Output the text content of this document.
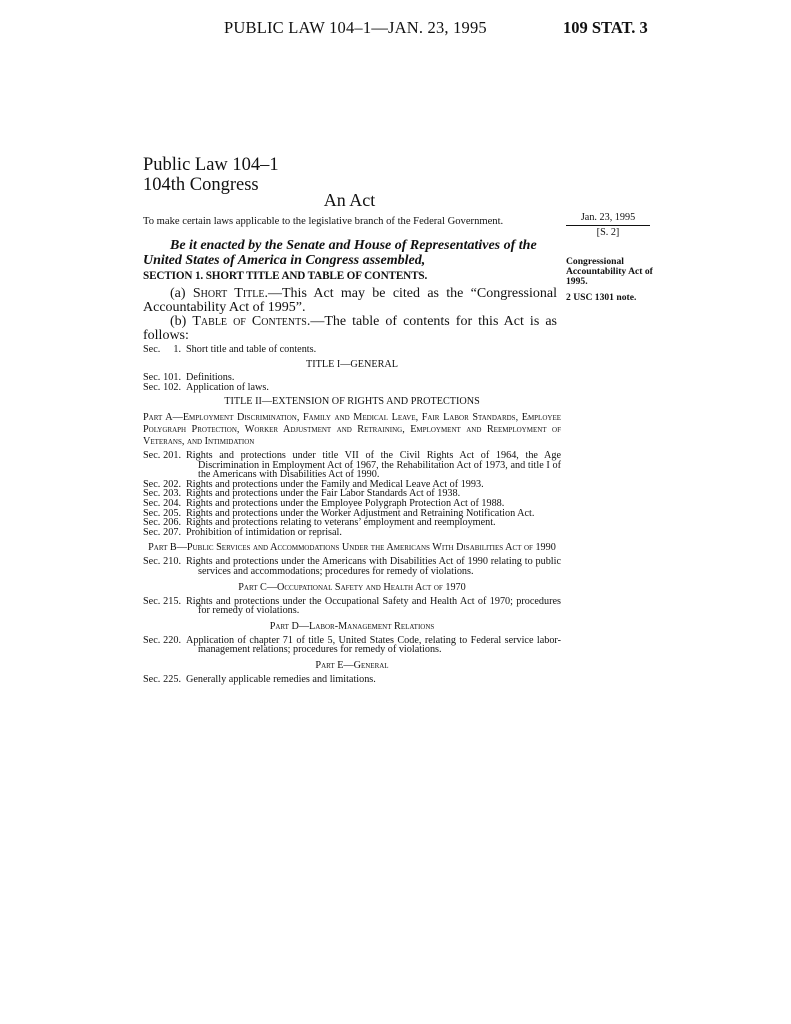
PUBLIC LAW 104–1—JAN. 23, 1995	109 STAT. 3
Public Law 104–1
104th Congress
An Act
To make certain laws applicable to the legislative branch of the Federal Government.
Be it enacted by the Senate and House of Representatives of the United States of America in Congress assembled,
SECTION 1. SHORT TITLE AND TABLE OF CONTENTS.
(a) Short Title.—This Act may be cited as the “Congressional Accountability Act of 1995”.
(b) Table of Contents.—The table of contents for this Act is as follows:
Jan. 23, 1995
[S. 2]
Congressional Accountability Act of 1995.
2 USC 1301 note.
Sec.	1. Short title and table of contents.
TITLE I—GENERAL
Sec. 101. Definitions.
Sec. 102. Application of laws.
TITLE II—EXTENSION OF RIGHTS AND PROTECTIONS
Part A—Employment Discrimination, Family and Medical Leave, Fair Labor Standards, Employee Polygraph Protection, Worker Adjustment and Retraining, Employment and Reemployment of Veterans, and Intimidation
Sec. 201. Rights and protections under title VII of the Civil Rights Act of 1964, the Age Discrimination in Employment Act of 1967, the Rehabilitation Act of 1973, and title I of the Americans with Disabilities Act of 1990.
Sec. 202. Rights and protections under the Family and Medical Leave Act of 1993.
Sec. 203. Rights and protections under the Fair Labor Standards Act of 1938.
Sec. 204. Rights and protections under the Employee Polygraph Protection Act of 1988.
Sec. 205. Rights and protections under the Worker Adjustment and Retraining Notification Act.
Sec. 206. Rights and protections relating to veterans’ employment and reemployment.
Sec. 207. Prohibition of intimidation or reprisal.
Part B—Public Services and Accommodations Under the Americans With Disabilities Act of 1990
Sec. 210. Rights and protections under the Americans with Disabilities Act of 1990 relating to public services and accommodations; procedures for remedy of violations.
Part C—Occupational Safety and Health Act of 1970
Sec. 215. Rights and protections under the Occupational Safety and Health Act of 1970; procedures for remedy of violations.
Part D—Labor-Management Relations
Sec. 220. Application of chapter 71 of title 5, United States Code, relating to Federal service labor-management relations; procedures for remedy of violations.
Part E—General
Sec. 225. Generally applicable remedies and limitations.
